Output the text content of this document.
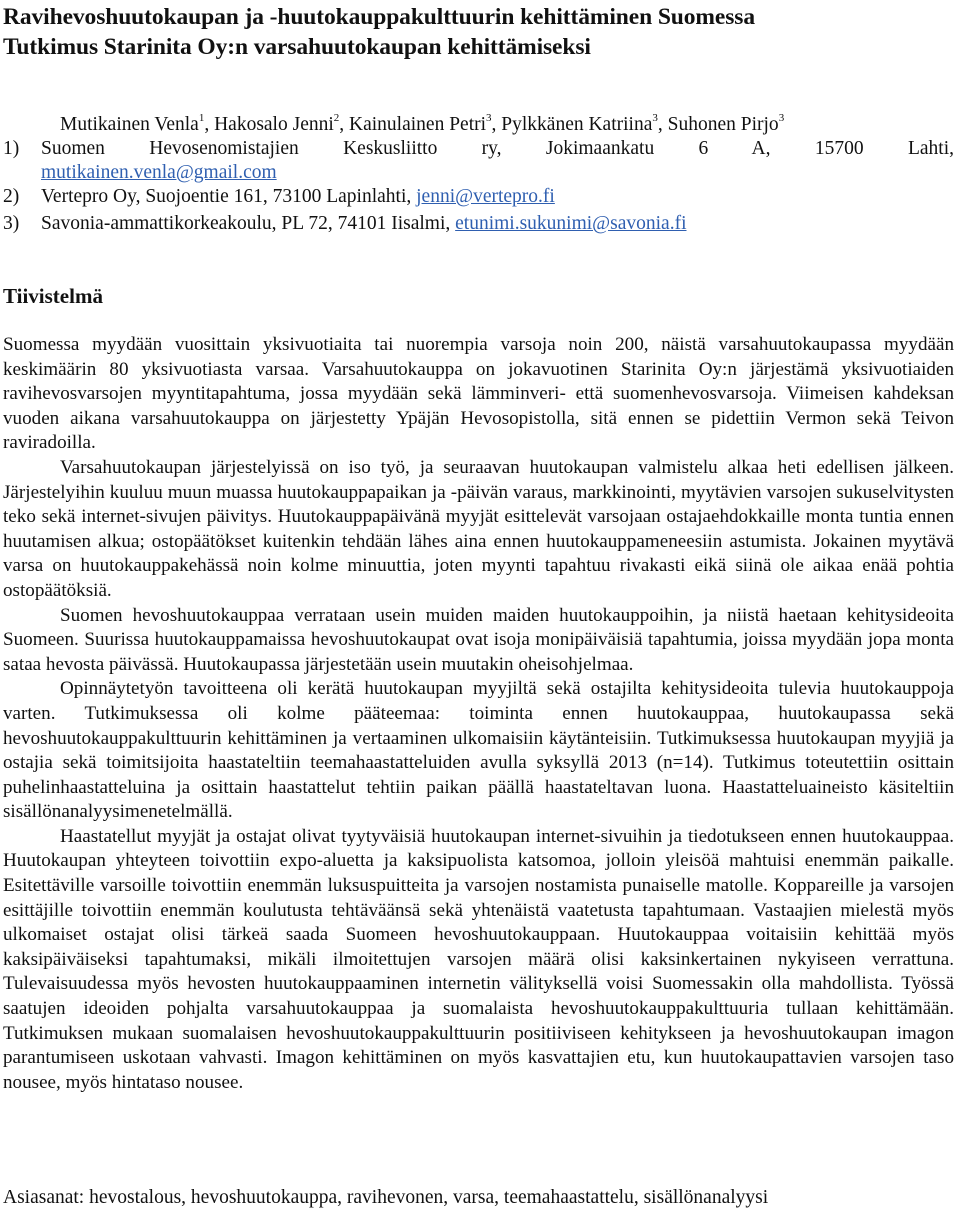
Ravihevoshuutokaupan ja -huutokauppakulttuurin kehittäminen Suomessa
Tutkimus Starinita Oy:n varsahuutokaupan kehittämiseksi
Mutikainen Venla$^1$, Hakosalo Jenni$^2$, Kainulainen Petri$^3$, Pylkkänen Katriina$^3$, Suhonen Pirjo$^3$
1) Suomen Hevosenomistajien Keskusliitto ry, Jokimaankatu 6 A, 15700 Lahti,
mutikainen.venla@gmail.com
2) Vertepro Oy, Suojoentie 161, 73100 Lapinlahti, jenni@vertepro.fi
3) Savonia-ammattikorkeakoulu, PL 72, 74101 Iisalmi, etunimi.sukunimi@savonia.fi
Tiivistelmä

Suomessa myydään vuosittain yksivuotiaita tai nuorempia varsoja noin 200, näistä varsahuutokaupassa myydään keskimäärin 80 yksivuotiasta varsaa. Varsahuutokauppa on jokavuotinen Starinita Oy:n järjestämä yksivuotiaiden ravihevosvarsojen myyntitapahtuma, jossa myydään sekä lämminveri- että suomenhevosvarsoja. Viimeisen kahdeksan vuoden aikana varsahuutokauppa on järjestetty Ypäjän Hevosopistolla, sitä ennen se pidettiin Vermon sekä Teivon raviradoilla.

Varsahuutokaupan järjestelyissä on iso työ, ja seuraavan huutokaupan valmistelu alkaa heti edellisen jälkeen. Järjestelyihin kuuluu muun muassa huutokauppapaikan ja -päivän varaus, markkinointi, myytävien varsojen sukuselvitysten teko sekä internet-sivujen päivitys. Huutokauppapäivänä myyjät esittelevät varsojaan ostajaehdokkaille monta tuntia ennen huutamisen alkua; ostopäätökset kuitenkin tehdään lähes aina ennen huutokauppameneesiin astumista. Jokainen myytävä varsa on huutokauppakehässä noin kolme minuuttia, joten myynti tapahtuu rivakasti eikä siinä ole aikaa enää pohtia ostopäätöksiä.

Suomen hevoshuutokauppaa verrataan usein muiden maiden huutokauppoihin, ja niistä haetaan kehitysideoita Suomeen. Suurissa huutokauppamaissa hevoshuutokaupat ovat isoja monipäiväisiä tapahtumia, joissa myydään jopa monta sataa hevosta päivässä. Huutokaupassa järjestetään usein muutakin oheisohjelmaa.

Opinnäytetyön tavoitteena oli kerätä huutokaupan myyjiltä sekä ostajilta kehitysideoita tulevia huutokauppoja varten. Tutkimuksessa oli kolme pääteemaa: toiminta ennen huutokauppaa, huutokaupassa sekä hevoshuutokauppakulttuurin kehittäminen ja vertaaminen ulkomaisiin käytänteisiin. Tutkimuksessa huutokaupan myyjiä ja ostajia sekä toimitsijoita haastateltiin teemahaastatteluiden avulla syksyllä 2013 (n=14). Tutkimus toteutettiin osittain puhelinhaastatteluina ja osittain haastattelut tehtiin paikan päällä haastateltavan luona. Haastatteluaineisto käsiteltiin sisällönanalyysimenetelmällä.

Haastatellut myyjät ja ostajat olivat tyytyväisiä huutokaupan internet-sivuihin ja tiedotukseen ennen huutokauppaa. Huutokaupan yhteyteen toivottiin expo-aluetta ja kaksipuolista katsomoa, jolloin yleisöä mahtuisi enemmän paikalle. Esitettäville varsoille toivottiin enemmän luksuspuitteita ja varsojen nostamista punaiselle matolle. Koppareille ja varsojen esittäjille toivottiin enemmän koulutusta tehtäväänsä sekä yhtenäistä vaatetusta tapahtumaan. Vastaajien mielestä myös ulkomaiset ostajat olisi tärkeä saada Suomeen hevoshuutokauppaan. Huutokauppaa voitaisiin kehittää myös kaksipäiväiseksi tapahtumaksi, mikäli ilmoitettujen varsojen määrä olisi kaksinkertainen nykyiseen verrattuna. Tulevaisuudessa myös hevosten huutokauppaaminen internetin välityksellä voisi Suomessakin olla mahdollista. Työssä saatujen ideoiden pohjalta varsahuutokauppaa ja suomalaista hevoshuutokauppakulttuuria tullaan kehittämään. Tutkimuksen mukaan suomalaisen hevoshuutokauppakulttuurin positiiviseen kehitykseen ja hevoshuutokaupan imagon parantumiseen uskotaan vahvasti. Imagon kehittäminen on myös kasvattajien etu, kun huutokaupattavien varsojen taso nousee, myös hintataso nousee.

Asiasanat: hevostalous, hevoshuutokauppa, ravihevonen, varsa, teemahaastattelu, sisällönanalyysi
